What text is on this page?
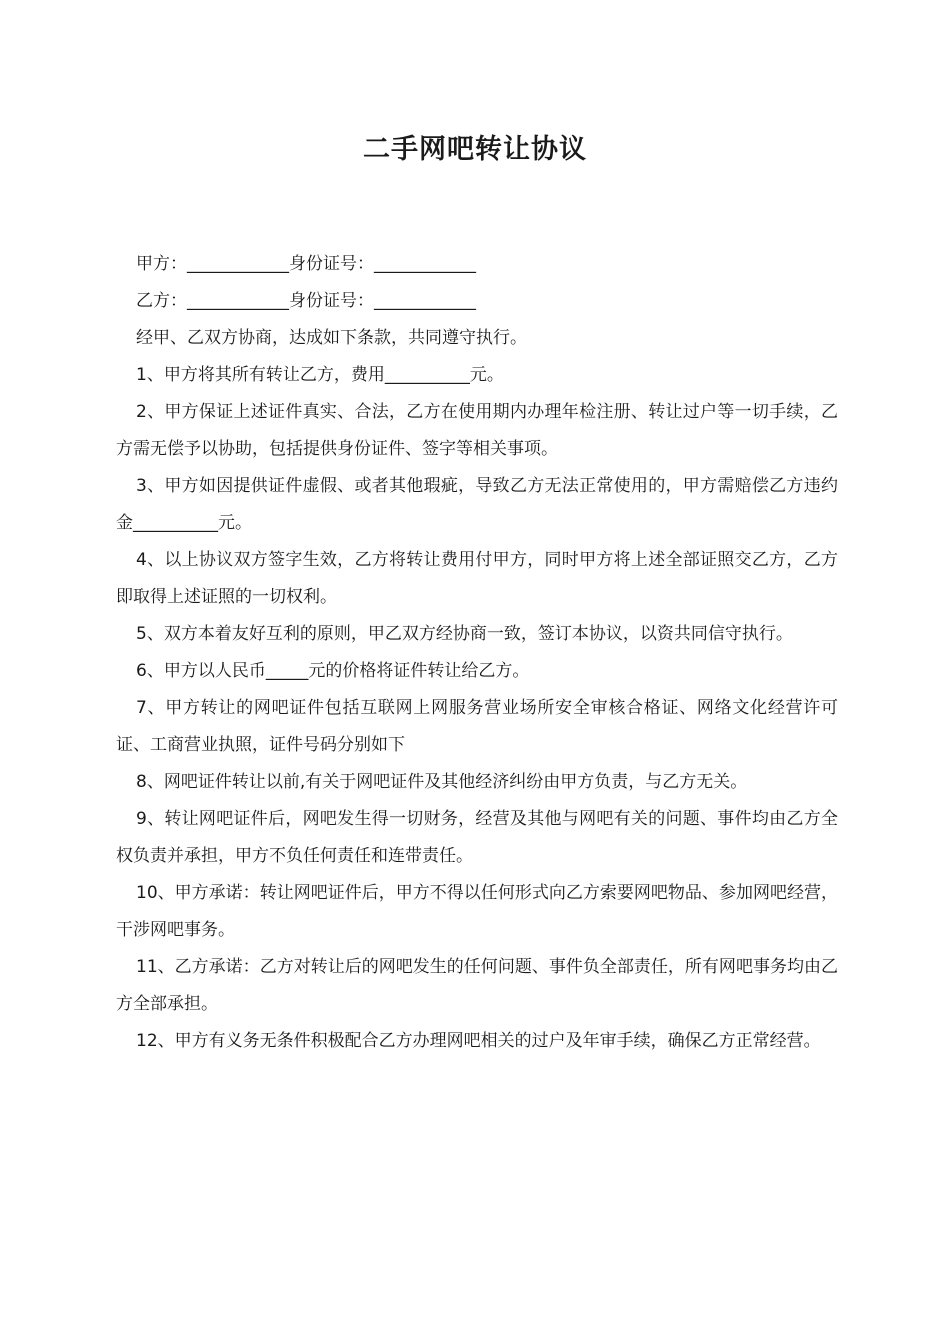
二手网吧转让协议

甲方：____________身份证号：____________

乙方：____________身份证号：____________

经甲、乙双方协商，达成如下条款，共同遵守执行。

1、甲方将其所有转让乙方，费用__________元。

2、甲方保证上述证件真实、合法，乙方在使用期内办理年检注册、转让过户等一切手续，乙方需无偿予以协助，包括提供身份证件、签字等相关事项。

3、甲方如因提供证件虚假、或者其他瑕疵，导致乙方无法正常使用的，甲方需赔偿乙方违约金__________元。

4、以上协议双方签字生效，乙方将转让费用付甲方，同时甲方将上述全部证照交乙方，乙方即取得上述证照的一切权利。

5、双方本着友好互利的原则，甲乙双方经协商一致，签订本协议，以资共同信守执行。

6、甲方以人民币_____元的价格将证件转让给乙方。

7、甲方转让的网吧证件包括互联网上网服务营业场所安全审核合格证、网络文化经营许可证、工商营业执照，证件号码分别如下

8、网吧证件转让以前,有关于网吧证件及其他经济纠纷由甲方负责，与乙方无关。

9、转让网吧证件后，网吧发生得一切财务，经营及其他与网吧有关的问题、事件均由乙方全权负责并承担，甲方不负任何责任和连带责任。

10、甲方承诺：转让网吧证件后，甲方不得以任何形式向乙方索要网吧物品、参加网吧经营，干涉网吧事务。

11、乙方承诺：乙方对转让后的网吧发生的任何问题、事件负全部责任，所有网吧事务均由乙方全部承担。

12、甲方有义务无条件积极配合乙方办理网吧相关的过户及年审手续，确保乙方正常经营。
